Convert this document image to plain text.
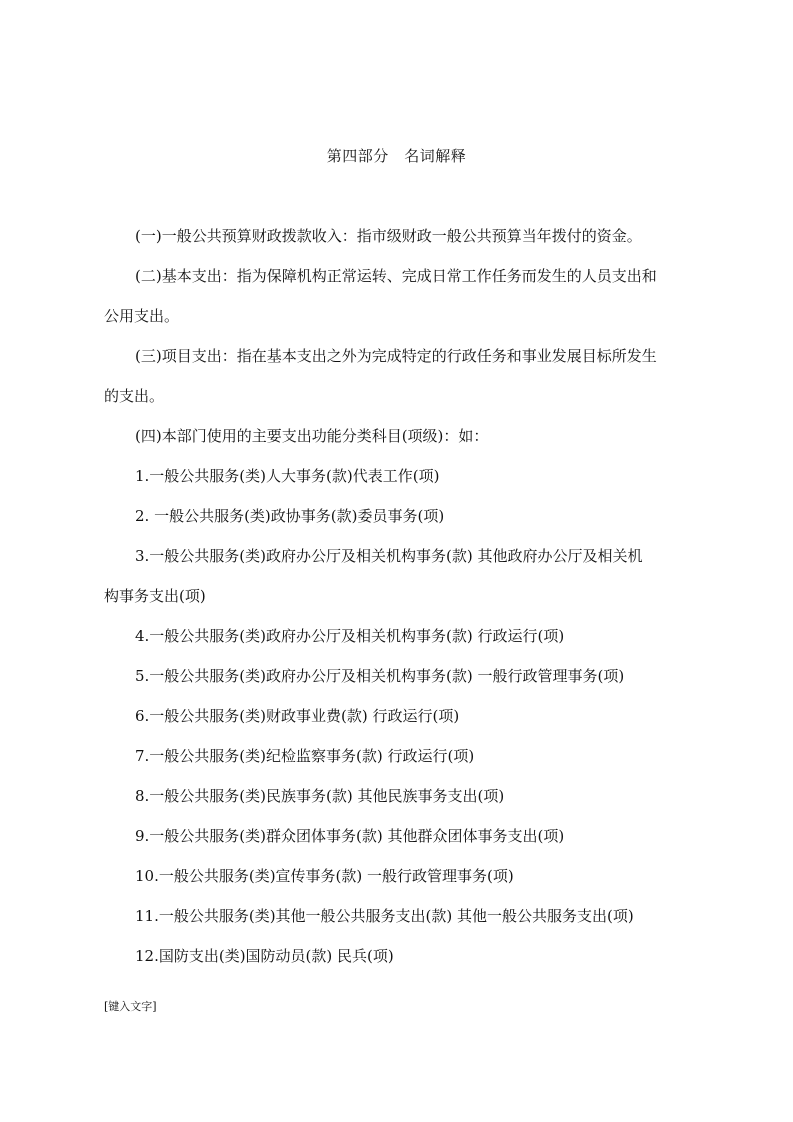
第四部分　名词解释

(一)一般公共预算财政拨款收入：指市级财政一般公共预算当年拨付的资金。

(二)基本支出：指为保障机构正常运转、完成日常工作任务而发生的人员支出和

公用支出。

(三)项目支出：指在基本支出之外为完成特定的行政任务和事业发展目标所发生

的支出。

(四)本部门使用的主要支出功能分类科目(项级)：如：

1.一般公共服务(类)人大事务(款)代表工作(项)

2. 一般公共服务(类)政协事务(款)委员事务(项)

3.一般公共服务(类)政府办公厅及相关机构事务(款) 其他政府办公厅及相关机

构事务支出(项)

4.一般公共服务(类)政府办公厅及相关机构事务(款) 行政运行(项)

5.一般公共服务(类)政府办公厅及相关机构事务(款) 一般行政管理事务(项)

6.一般公共服务(类)财政事业费(款) 行政运行(项)

7.一般公共服务(类)纪检监察事务(款) 行政运行(项)

8.一般公共服务(类)民族事务(款) 其他民族事务支出(项)

9.一般公共服务(类)群众团体事务(款) 其他群众团体事务支出(项)

10.一般公共服务(类)宣传事务(款) 一般行政管理事务(项)

11.一般公共服务(类)其他一般公共服务支出(款) 其他一般公共服务支出(项)

12.国防支出(类)国防动员(款) 民兵(项)

[键入文字]
